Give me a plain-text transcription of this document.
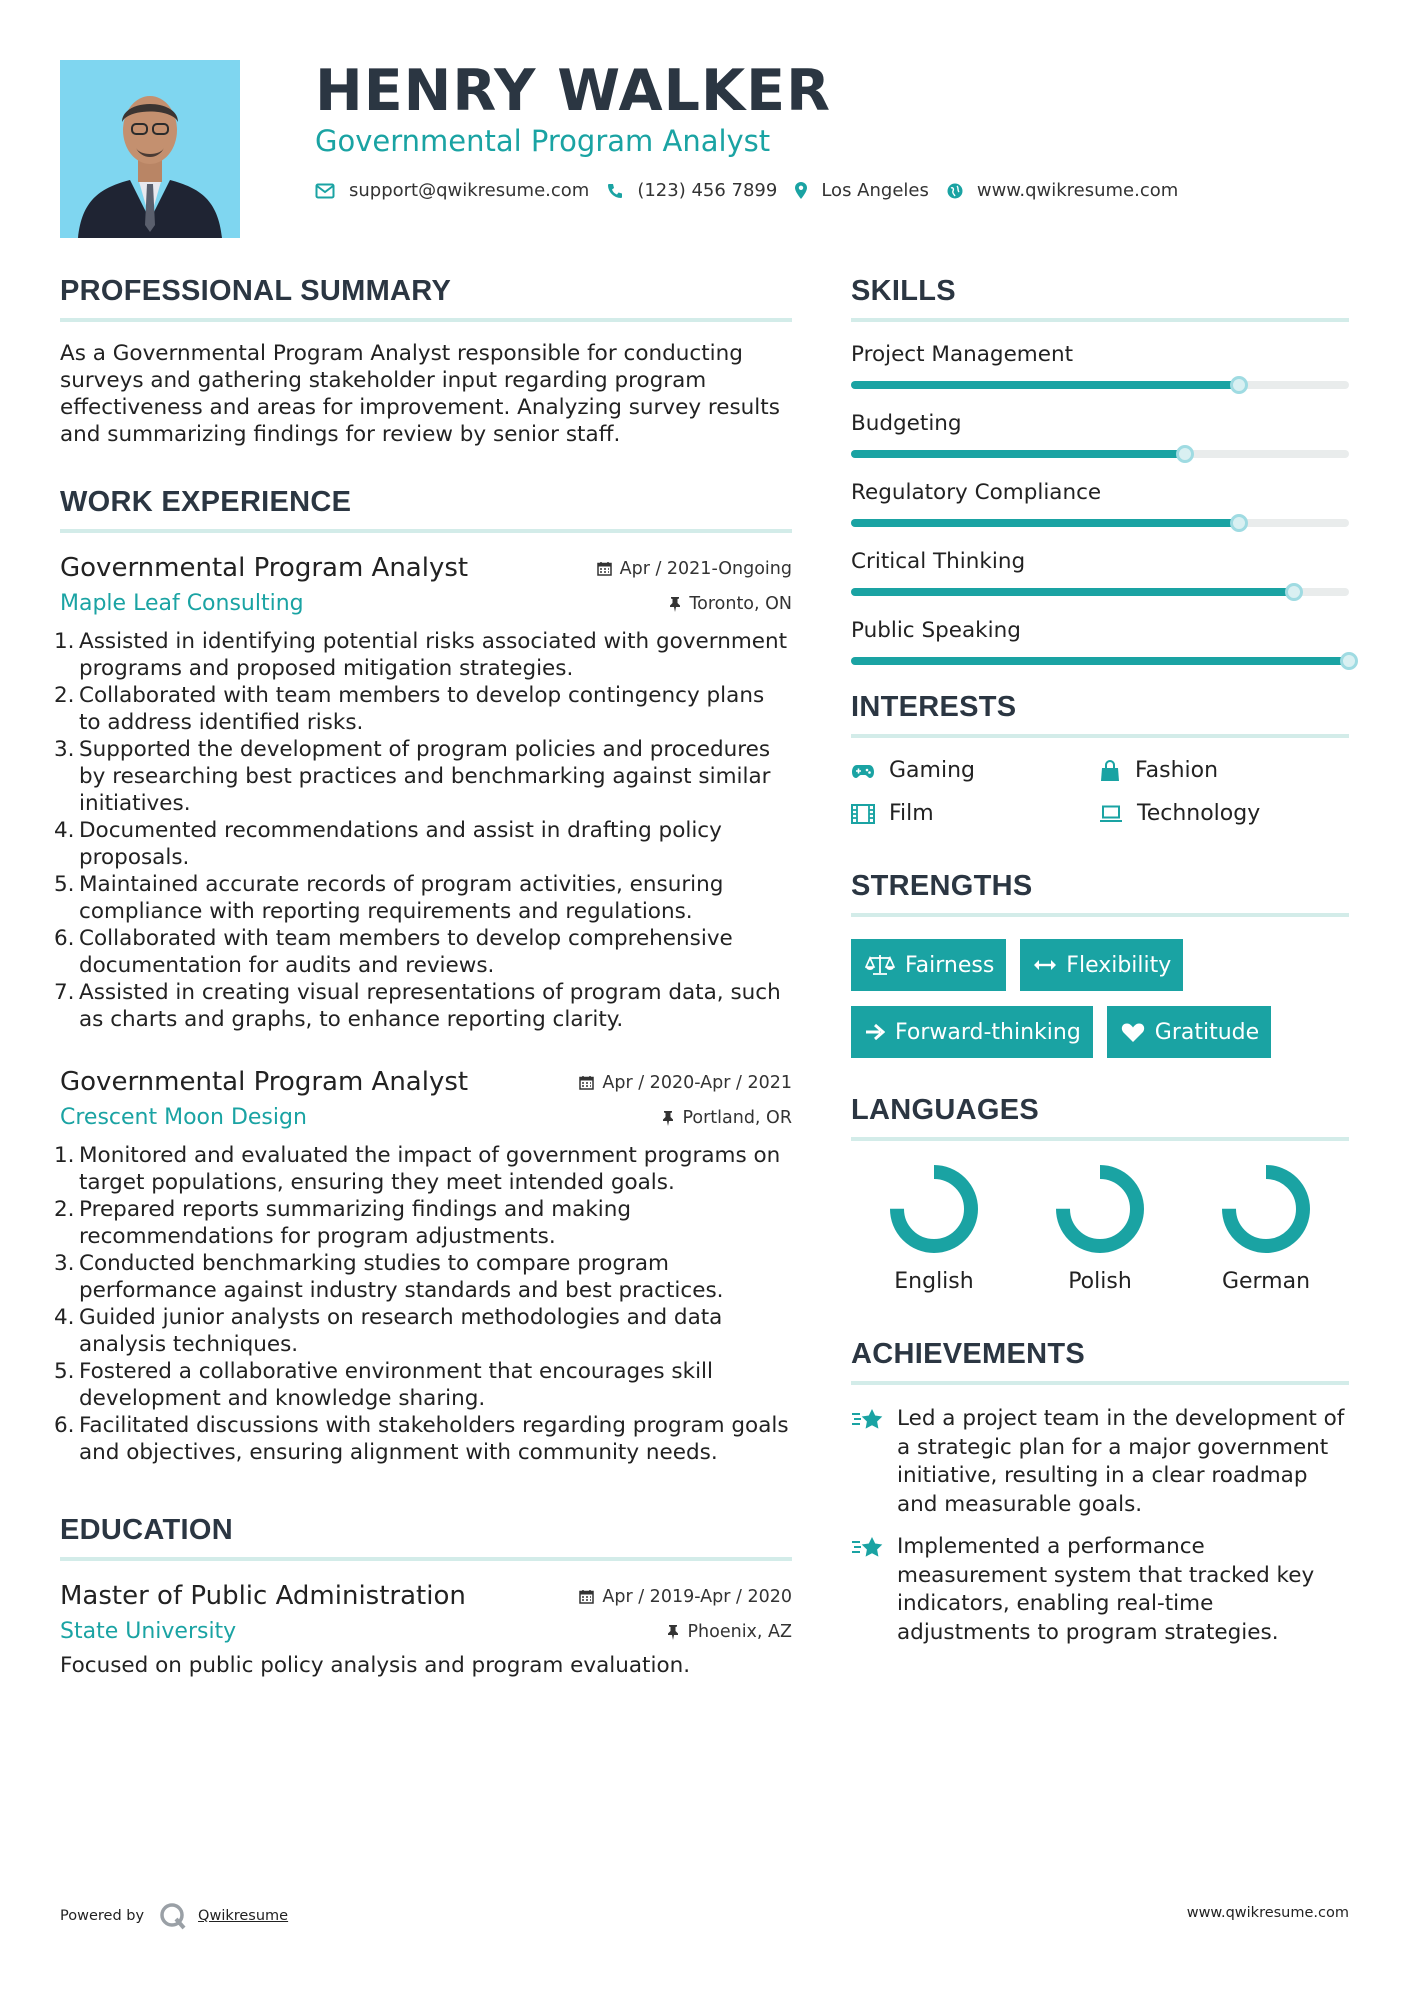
HENRY WALKER
Governmental Program Analyst
support@qwikresume.com	(123) 456 7899 Los Angeles	www.qwikresume.com
PROFESSIONAL SUMMARY
As a Governmental Program Analyst responsible for conducting surveys and gathering stakeholder input regarding program effectiveness and areas for improvement. Analyzing survey results and summarizing findings for review by senior staff.
WORK EXPERIENCE
Governmental Program Analyst	Apr / 2021-Ongoing
Maple Leaf Consulting	Toronto, ON
1. Assisted in identifying potential risks associated with government programs and proposed mitigation strategies.
2. Collaborated with team members to develop contingency plans to address identified risks.
3. Supported the development of program policies and procedures by researching best practices and benchmarking against similar initiatives.
4. Documented recommendations and assist in drafting policy proposals.
5. Maintained accurate records of program activities, ensuring compliance with reporting requirements and regulations.
6. Collaborated with team members to develop comprehensive documentation for audits and reviews.
7. Assisted in creating visual representations of program data, such as charts and graphs, to enhance reporting clarity.
Governmental Program Analyst	Apr / 2020-Apr / 2021
Crescent Moon Design	Portland, OR
1. Monitored and evaluated the impact of government programs on target populations, ensuring they meet intended goals.
2. Prepared reports summarizing findings and making recommendations for program adjustments.
3. Conducted benchmarking studies to compare program performance against industry standards and best practices.
4. Guided junior analysts on research methodologies and data analysis techniques.
5. Fostered a collaborative environment that encourages skill development and knowledge sharing.
6. Facilitated discussions with stakeholders regarding program goals and objectives, ensuring alignment with community needs.
EDUCATION
Master of Public Administration	Apr / 2019-Apr / 2020
State University	Phoenix, AZ
Focused on public policy analysis and program evaluation.
SKILLS
Project Management
Budgeting
Regulatory Compliance
Critical Thinking
Public Speaking
INTERESTS
Gaming	Fashion
Film	Technology
STRENGTHS
Fairness	Flexibility
Forward-thinking	Gratitude
LANGUAGES
English	Polish	German
ACHIEVEMENTS
Led a project team in the development of a strategic plan for a major government initiative, resulting in a clear roadmap and measurable goals.
Implemented a performance measurement system that tracked key indicators, enabling real-time adjustments to program strategies.
Powered by	Qwikresume	www.qwikresume.com
